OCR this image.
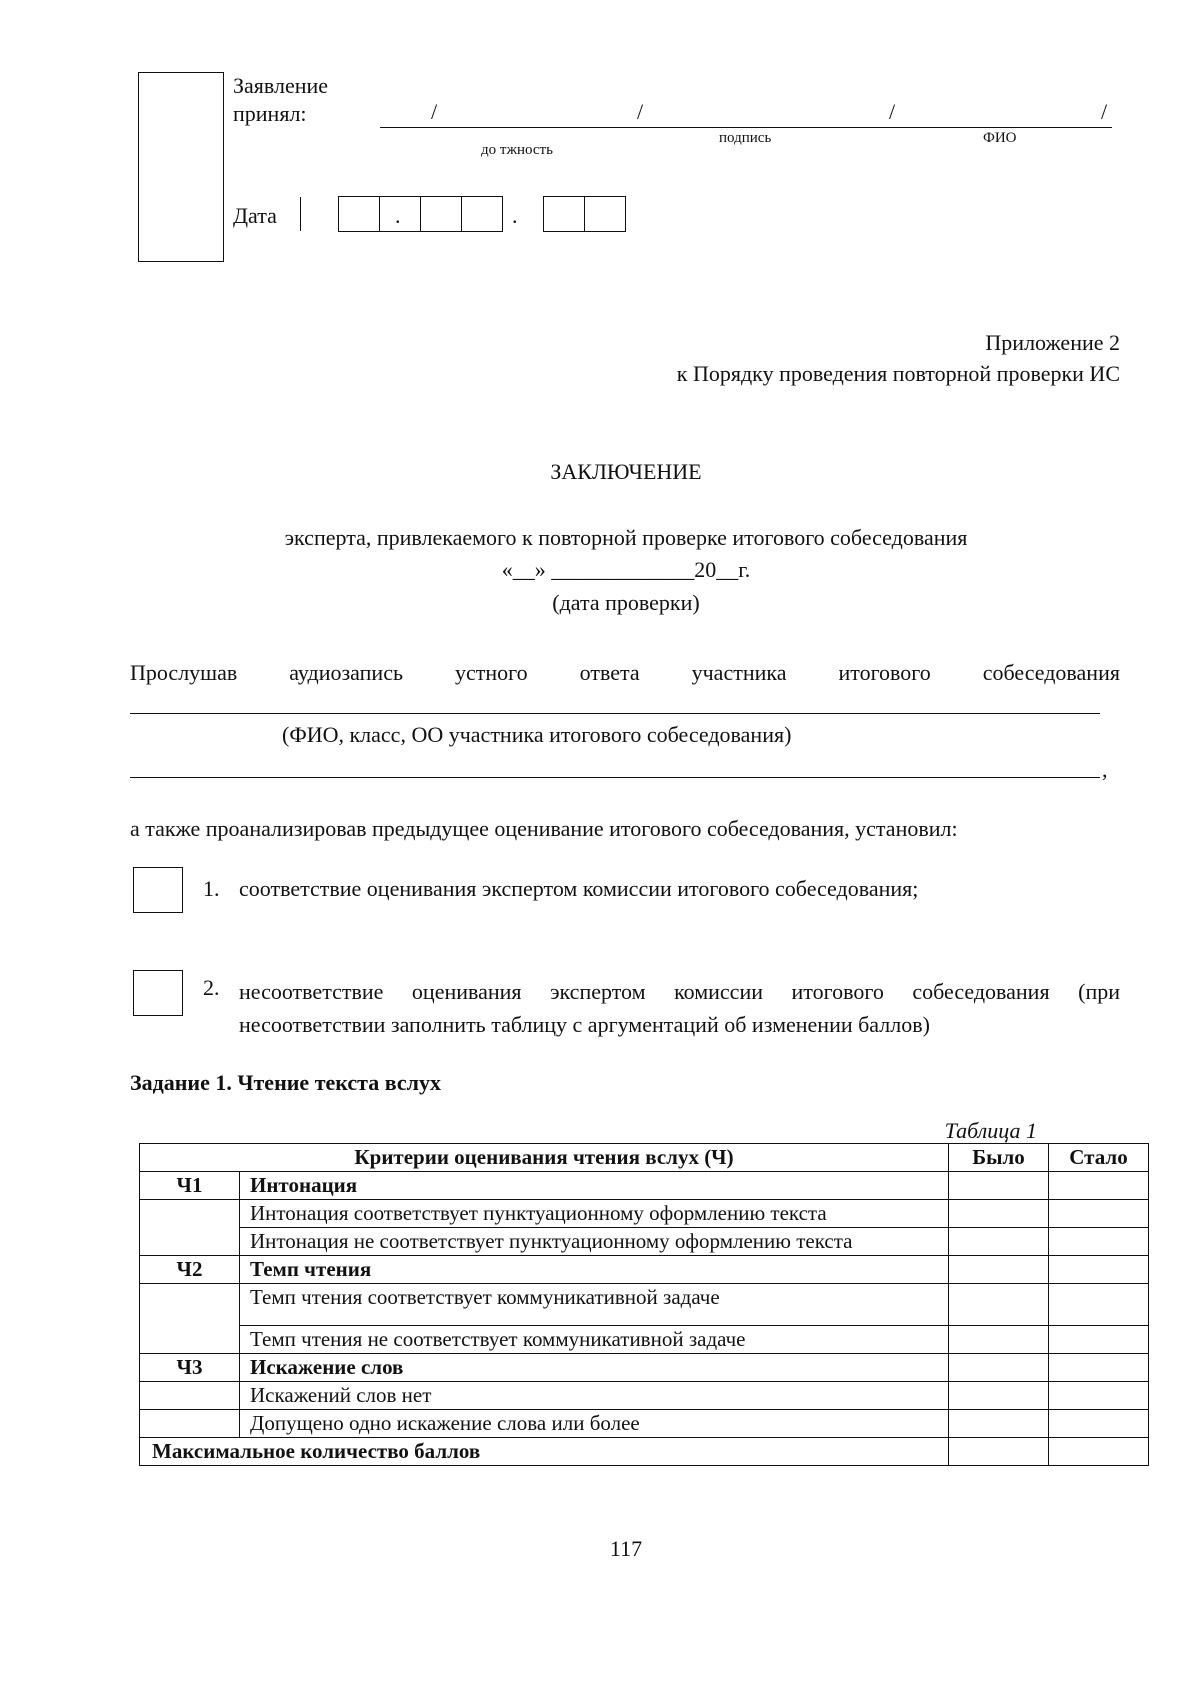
Заявление
принял:	/	/	/	/
до тжность
подпись	ФИО
Дата	.	.
Приложение 2
к Порядку проведения повторной проверки ИС
ЗАКЛЮЧЕНИЕ
эксперта, привлекаемого к повторной проверке итогового собеседования
«__» _____________20__г.
(дата проверки)
Прослушав аудиозапись устного ответа участника итогового собеседования
(ФИО, класс, ОО участника итогового собеседования)
,
а также проанализировав предыдущее оценивание итогового собеседования, установил:
1. соответствие оценивания экспертом комиссии итогового собеседования;
2. несоответствие оценивания экспертом комиссии итогового собеседования (при несоответствии заполнить таблицу с аргументаций об изменении баллов)
Задание 1. Чтение текста вслух
Таблица 1
Критерии оценивания чтения вслух (Ч)		Было	Стало
Ч1	Интонация		
	Интонация соответствует пунктуационному оформлению текста		
	Интонация не соответствует пунктуационному оформлению текста		
Ч2	Темп чтения		
	Темп чтения соответствует коммуникативной задаче		
	Темп чтения не соответствует коммуникативной задаче		
Ч3	Искажение слов		
	Искажений слов нет		
	Допущено одно искажение слова или более		
Максимальное количество баллов			
117
